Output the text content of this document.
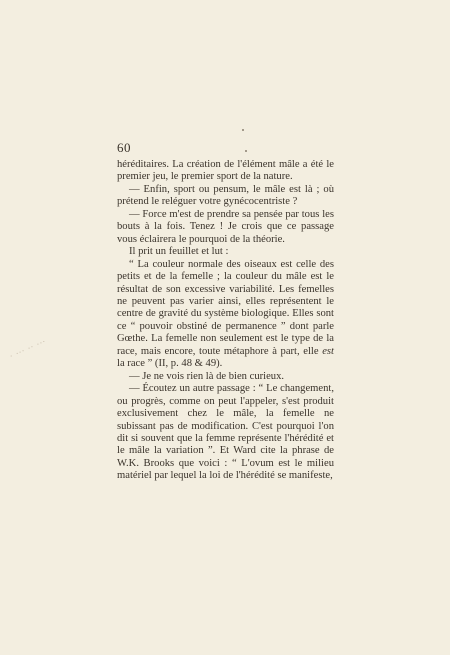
60
· ··· ·· ···

héréditaires. La création de l'élément mâle a été le premier jeu, le premier sport de la nature.

— Enfin, sport ou pensum, le mâle est là ; où prétend le reléguer votre gynécocentriste ?

— Force m'est de prendre sa pensée par tous les bouts à la fois. Tenez ! Je crois que ce passage vous éclairera le pourquoi de la théorie.

Il prit un feuillet et lut :

“ La couleur normale des oiseaux est celle des petits et de la femelle ; la couleur du mâle est le résultat de son excessive variabilité. Les femelles ne peuvent pas varier ainsi, elles représentent le centre de gravité du système biologique. Elles sont ce “ pouvoir obstiné de permanence ” dont parle Gœthe. La femelle non seulement est le type de la race, mais encore, toute métaphore à part, elle est la race ” (II, p. 48 & 49).

— Je ne vois rien là de bien curieux.

— Écoutez un autre passage : “ Le changement, ou progrès, comme on peut l'appeler, s'est produit exclusivement chez le mâle, la femelle ne subissant pas de modification. C'est pourquoi l'on dit si souvent que la femme représente l'hérédité et le mâle la variation ”. Et Ward cite la phrase de W.K. Brooks que voici : “ L'ovum est le milieu matériel par lequel la loi de l'hérédité se manifeste,
